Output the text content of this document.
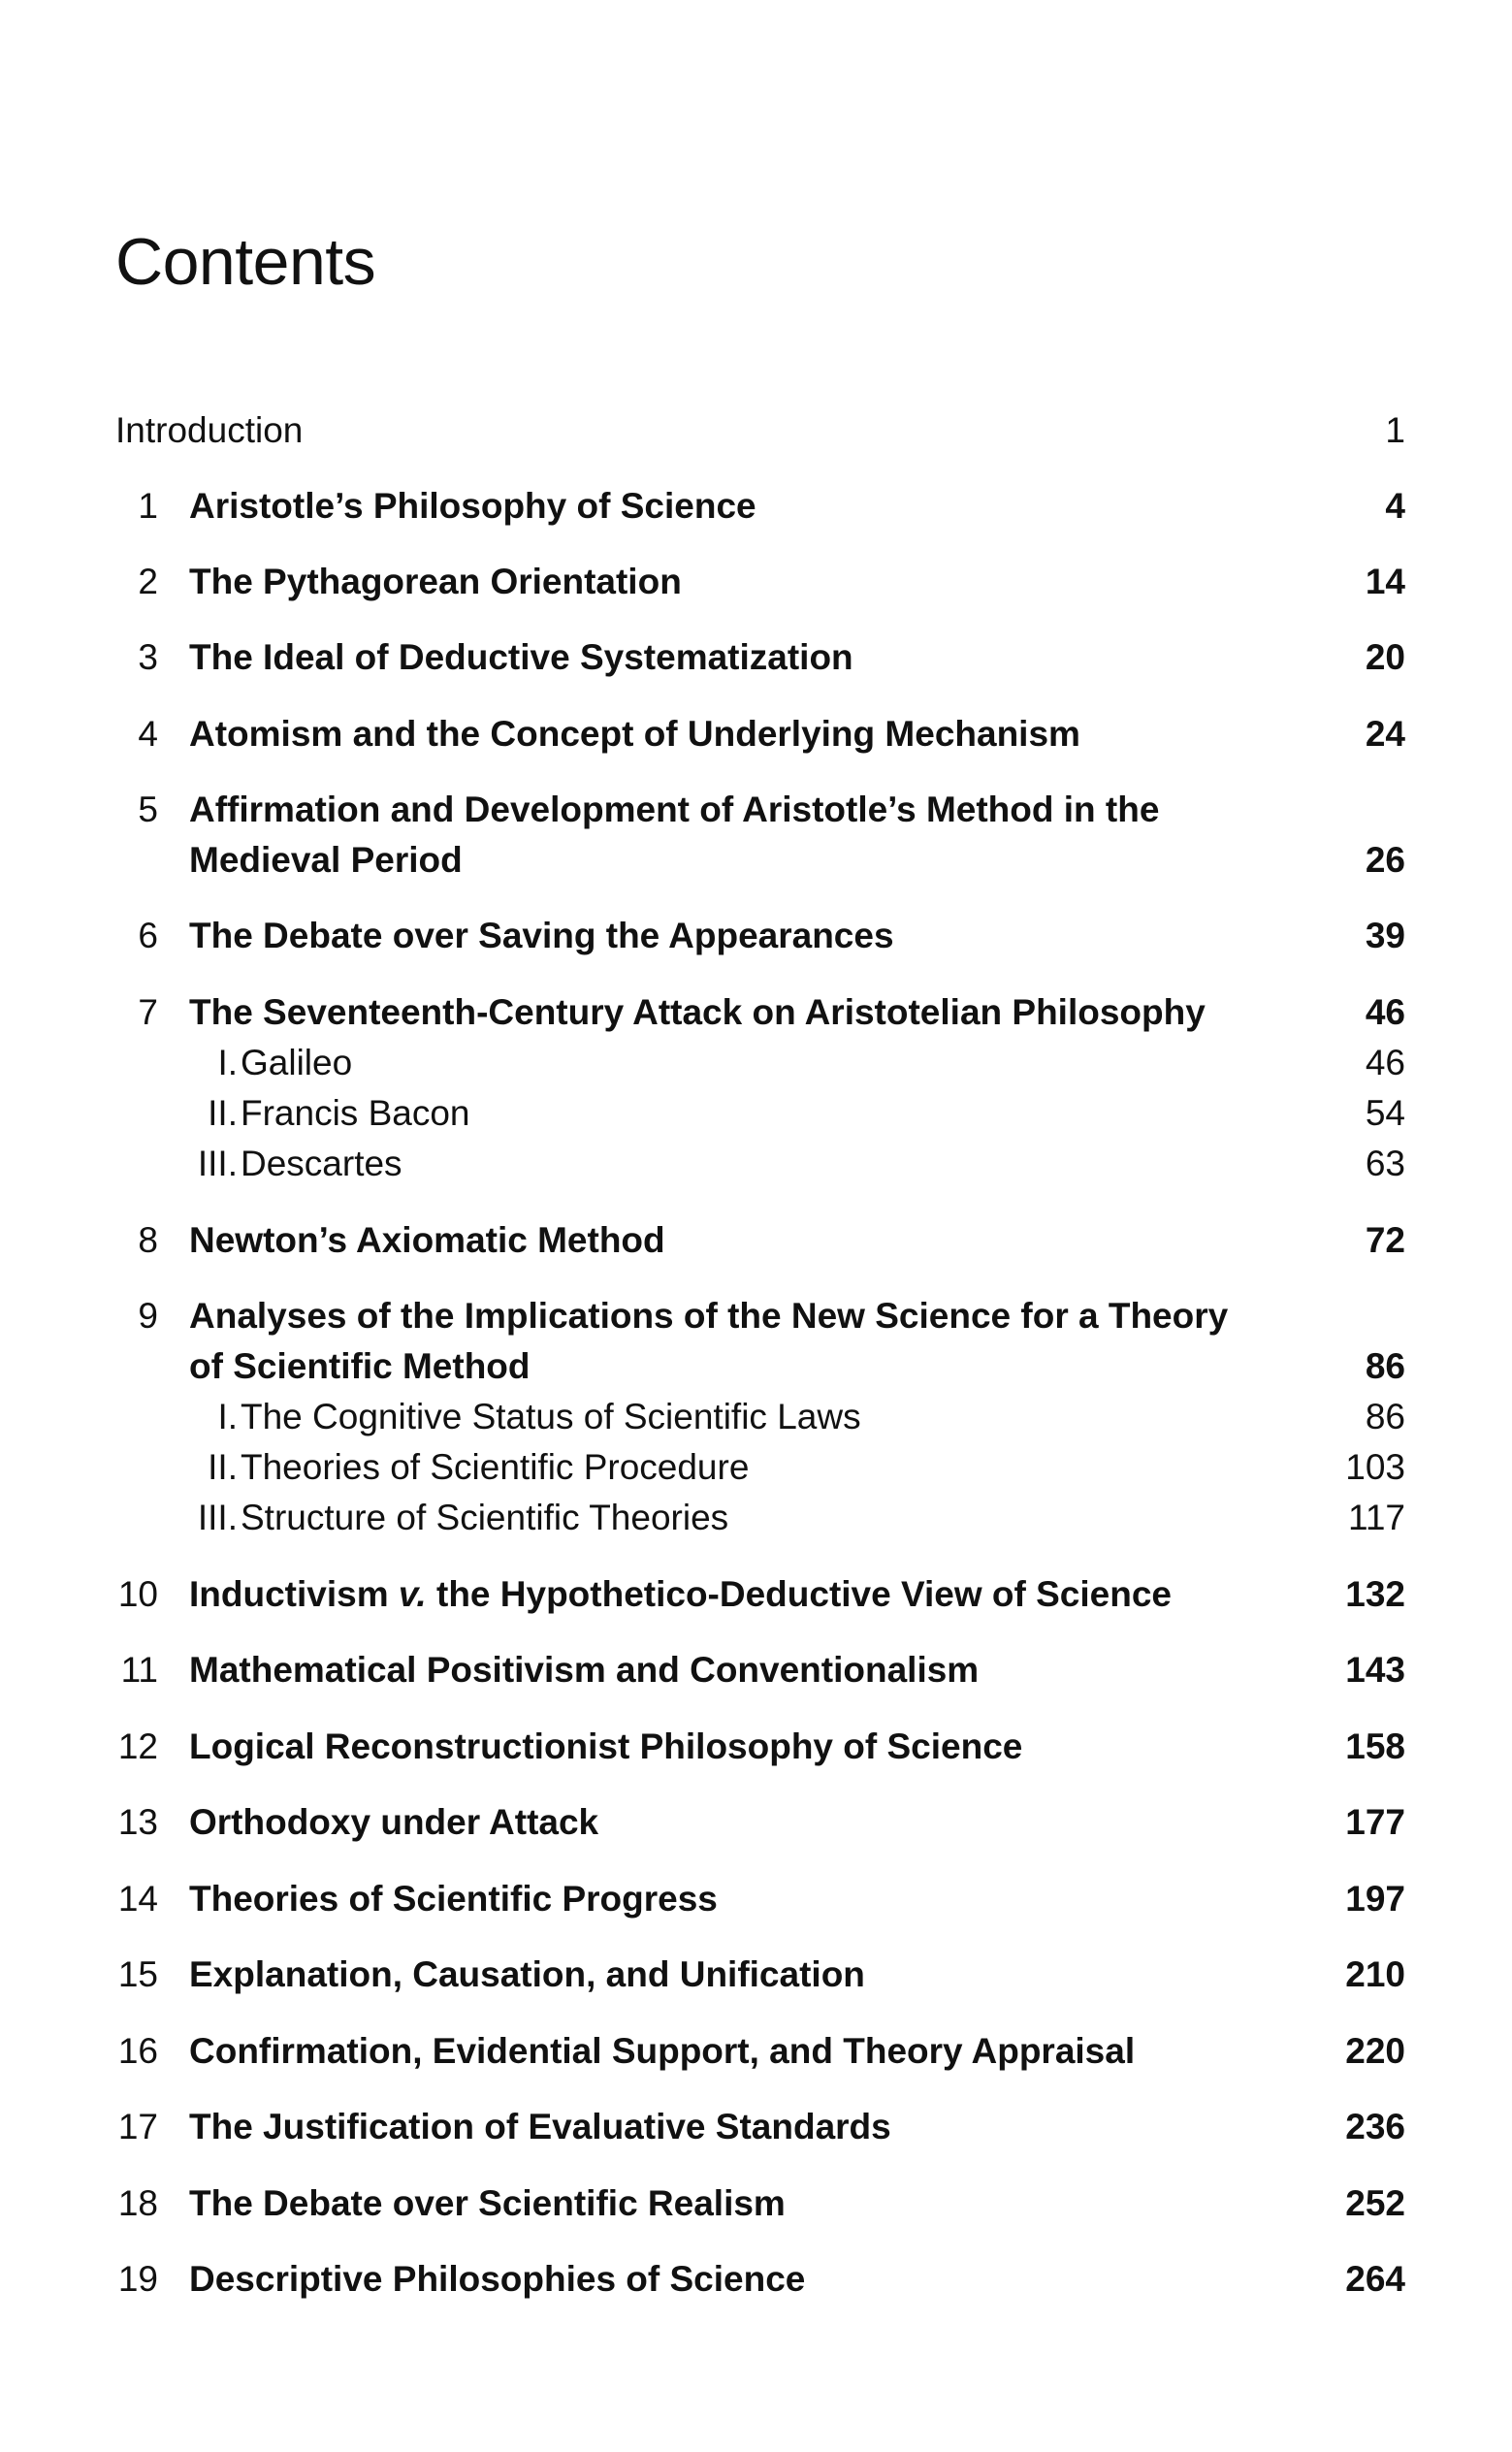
Contents
Introduction	1
1 Aristotle’s Philosophy of Science	4
2 The Pythagorean Orientation	14
3 The Ideal of Deductive Systematization	20
4 Atomism and the Concept of Underlying Mechanism	24
5 Affirmation and Development of Aristotle’s Method in the
Medieval Period	26
6 The Debate over Saving the Appearances	39
7 The Seventeenth-Century Attack on Aristotelian Philosophy	46
I. Galileo	46
II. Francis Bacon	54
III. Descartes	63
8 Newton’s Axiomatic Method	72
9 Analyses of the Implications of the New Science for a Theory
of Scientific Method	86
I. The Cognitive Status of Scientific Laws	86
II. Theories of Scientific Procedure	103
III. Structure of Scientific Theories	117
10 Inductivism v. the Hypothetico-Deductive View of Science	132
11 Mathematical Positivism and Conventionalism	143
12 Logical Reconstructionist Philosophy of Science	158
13 Orthodoxy under Attack	177
14 Theories of Scientific Progress	197
15 Explanation, Causation, and Unification	210
16 Confirmation, Evidential Support, and Theory Appraisal	220
17 The Justification of Evaluative Standards	236
18 The Debate over Scientific Realism	252
19 Descriptive Philosophies of Science	264
